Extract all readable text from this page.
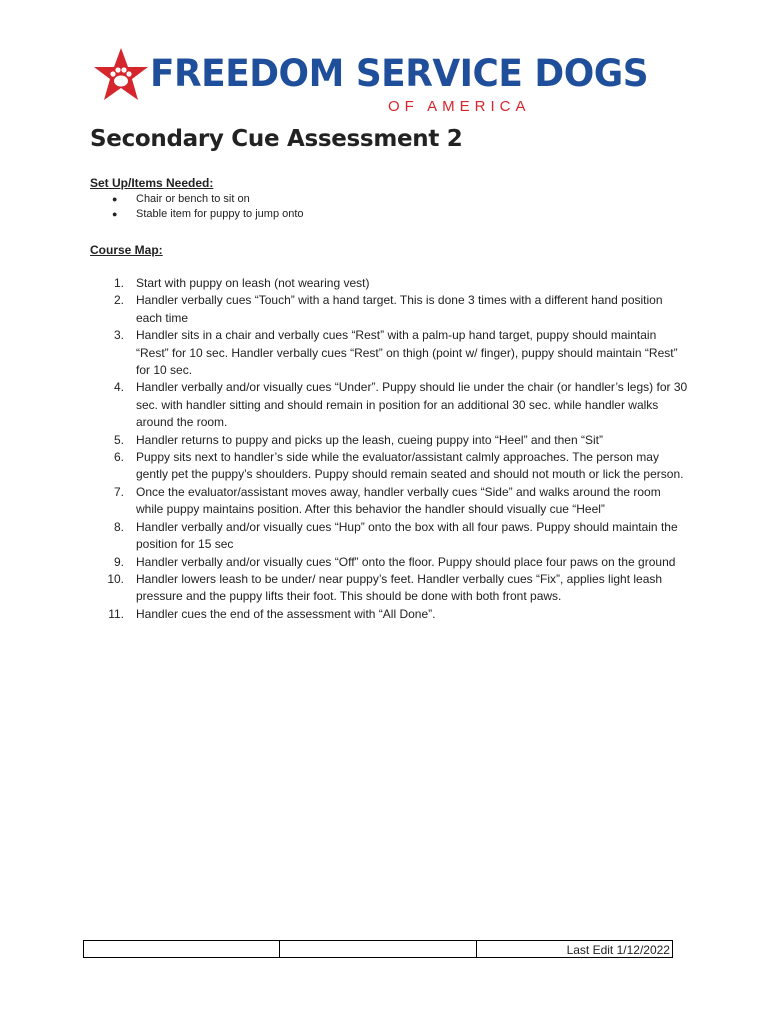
FREEDOM SERVICE DOGS
OF AMERICA
Secondary Cue Assessment 2
Set Up/Items Needed:
● Chair or bench to sit on
● Stable item for puppy to jump onto
Course Map:
1. Start with puppy on leash (not wearing vest)
2. Handler verbally cues “Touch” with a hand target. This is done 3 times with a different hand position each time
3. Handler sits in a chair and verbally cues “Rest” with a palm-up hand target, puppy should maintain “Rest” for 10 sec. Handler verbally cues “Rest” on thigh (point w/ finger), puppy should maintain “Rest” for 10 sec.
4. Handler verbally and/or visually cues “Under”. Puppy should lie under the chair (or handler’s legs) for 30 sec. with handler sitting and should remain in position for an additional 30 sec. while handler walks around the room.
5. Handler returns to puppy and picks up the leash, cueing puppy into “Heel” and then “Sit”
6. Puppy sits next to handler’s side while the evaluator/assistant calmly approaches. The person may gently pet the puppy’s shoulders. Puppy should remain seated and should not mouth or lick the person.
7. Once the evaluator/assistant moves away, handler verbally cues “Side” and walks around the room while puppy maintains position. After this behavior the handler should visually cue “Heel”
8. Handler verbally and/or visually cues “Hup” onto the box with all four paws. Puppy should maintain the position for 15 sec
9. Handler verbally and/or visually cues “Off” onto the floor. Puppy should place four paws on the ground
10. Handler lowers leash to be under/ near puppy’s feet. Handler verbally cues “Fix”, applies light leash pressure and the puppy lifts their foot. This should be done with both front paws.
11. Handler cues the end of the assessment with “All Done”.
Last Edit 1/12/2022
